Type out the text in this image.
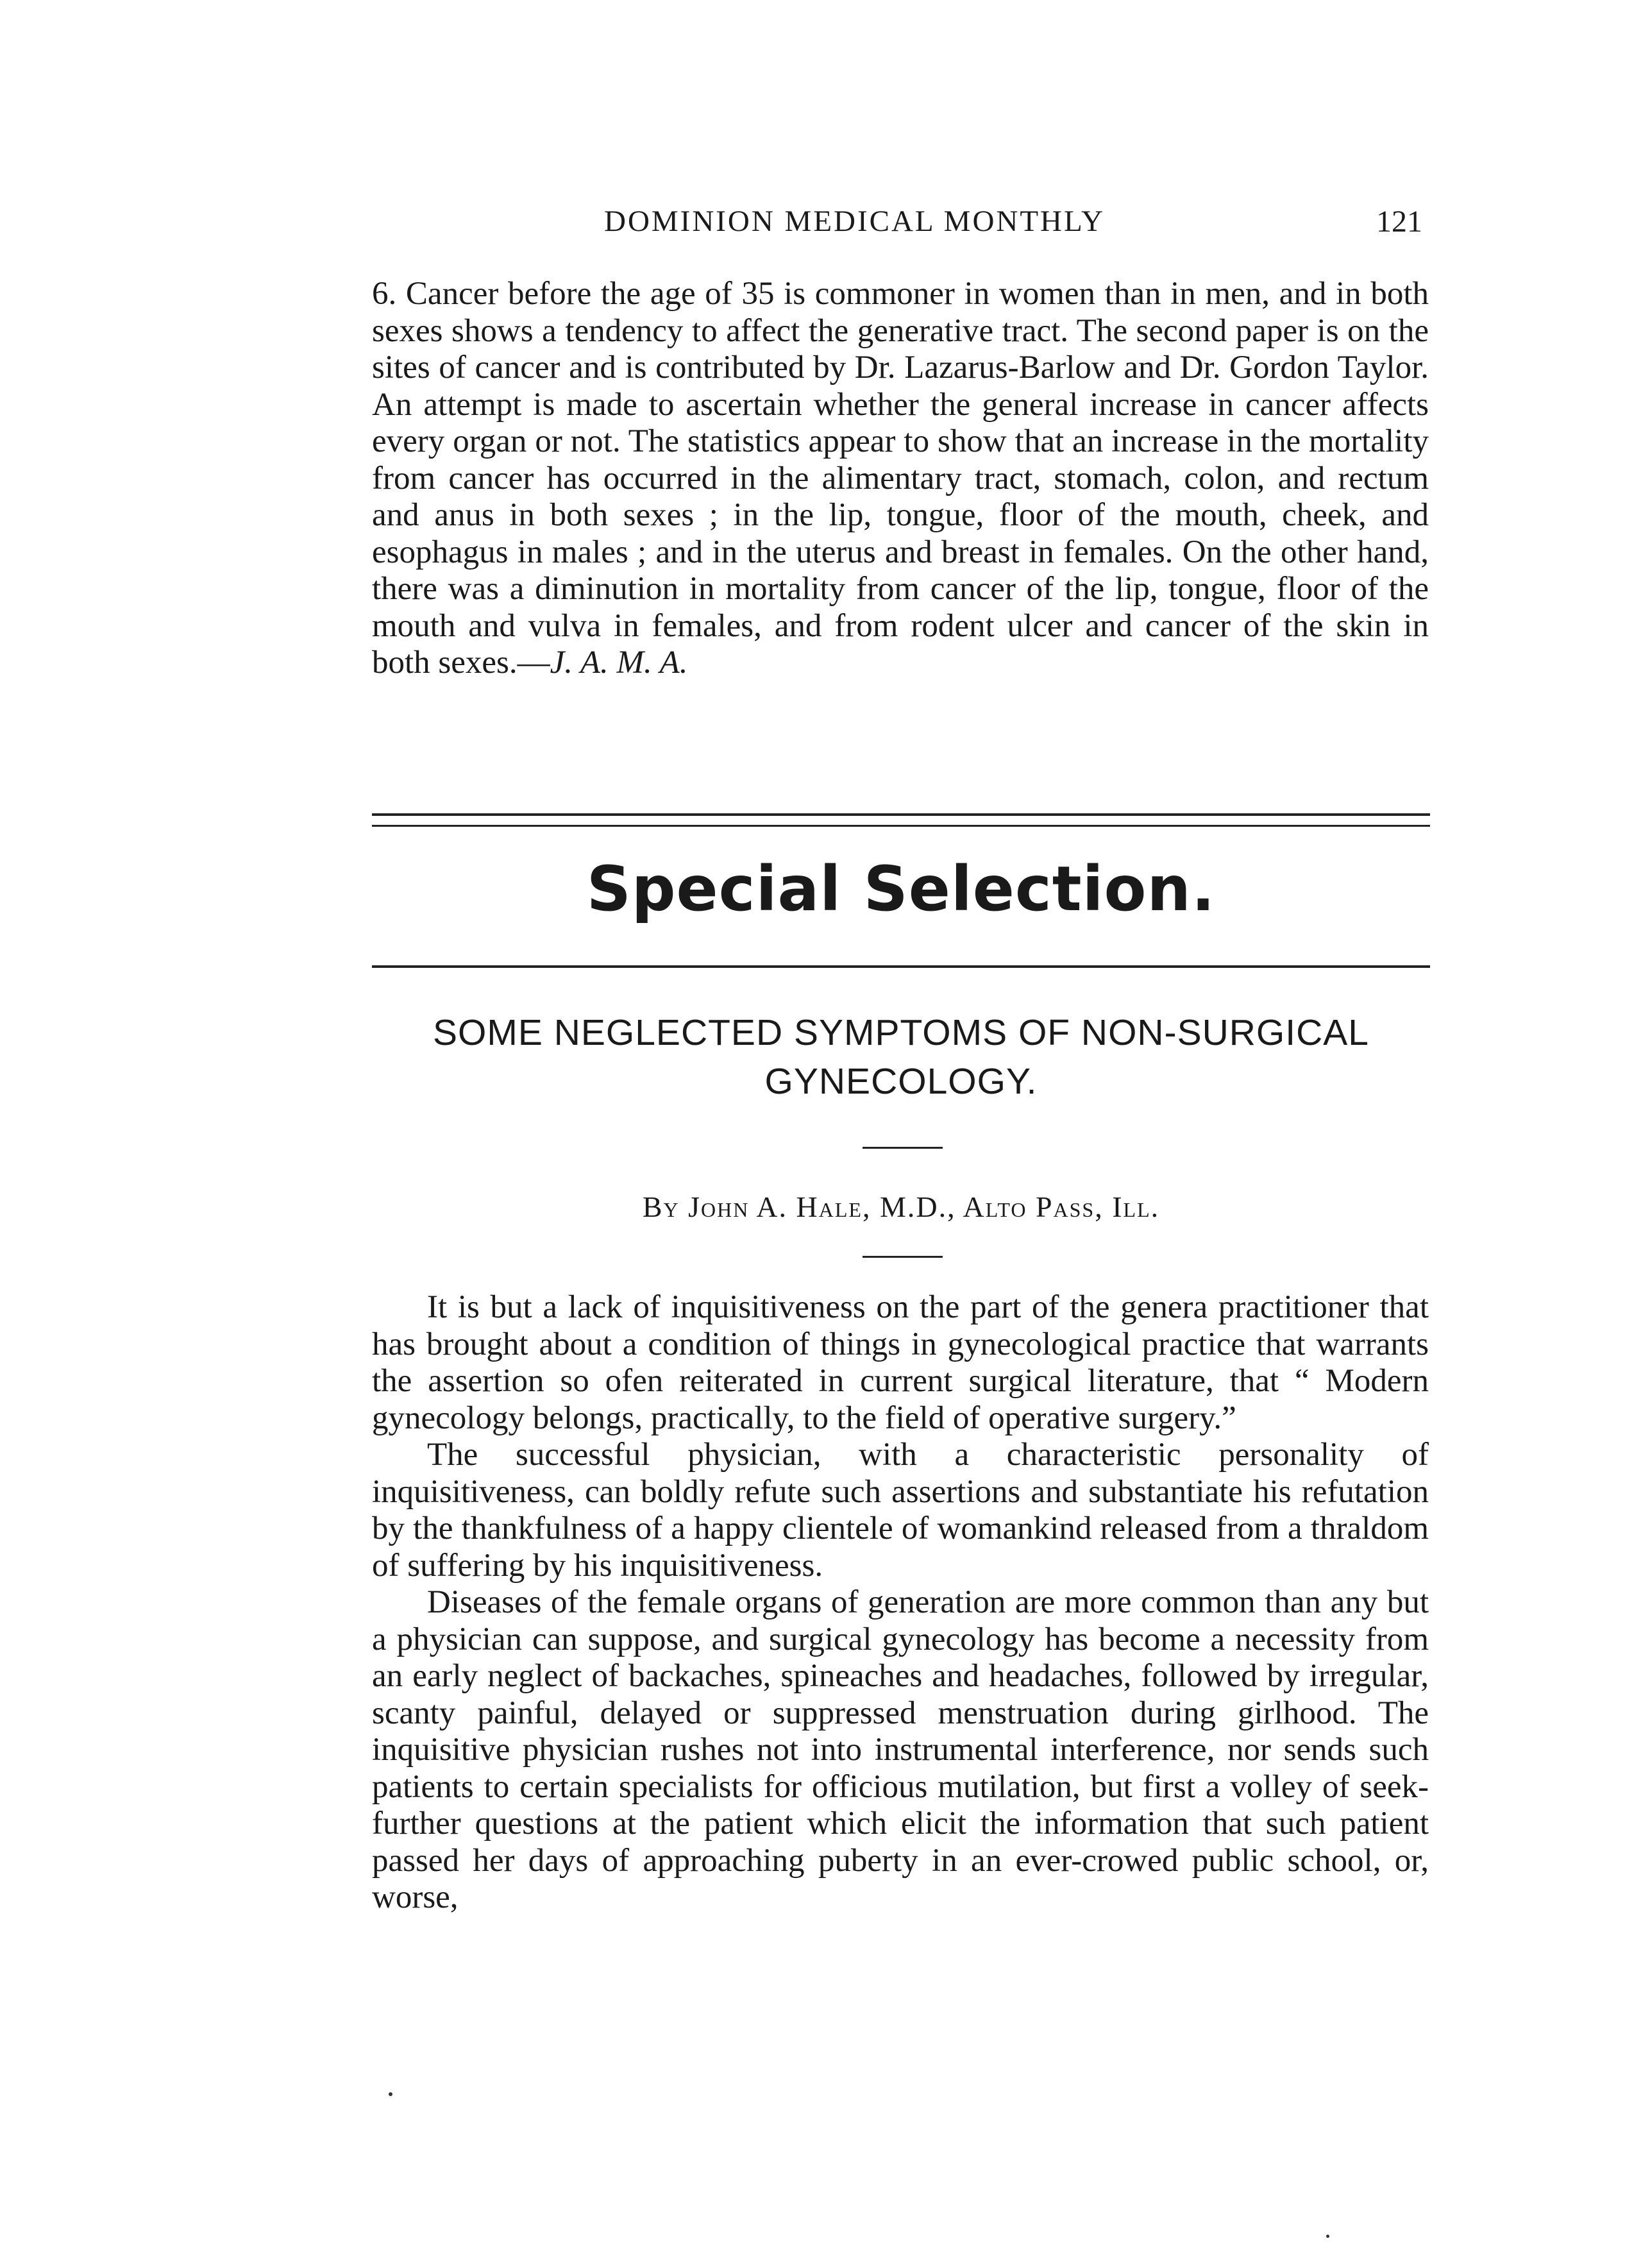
DOMINION MEDICAL MONTHLY	121

6. Cancer before the age of 35 is commoner in women than in men, and in both sexes shows a tendency to affect the generative tract. The second paper is on the sites of cancer and is contributed by Dr. Lazarus-Barlow and Dr. Gordon Taylor. An attempt is made to ascertain whether the general increase in cancer affects every organ or not. The statistics appear to show that an increase in the mortality from cancer has occurred in the alimentary tract, stomach, colon, and rectum and anus in both sexes ; in the lip, tongue, floor of the mouth, cheek, and esophagus in males ; and in the uterus and breast in females. On the other hand, there was a diminution in mortality from cancer of the lip, tongue, floor of the mouth and vulva in females, and from rodent ulcer and cancer of the skin in both sexes.—J. A. M. A.

Special Selection.
SOME NEGLECTED SYMPTOMS OF NON-SURGICAL
GYNECOLOGY.
By John A. Hale, M.D., Alto Pass, Ill.

It is but a lack of inquisitiveness on the part of the genera practitioner that has brought about a condition of things in gynecological practice that warrants the assertion so ofen reiterated in current surgical literature, that “ Modern gynecology belongs, practically, to the field of operative surgery.”

The successful physician, with a characteristic personality of inquisitiveness, can boldly refute such assertions and substantiate his refutation by the thankfulness of a happy clientele of womankind released from a thraldom of suffering by his inquisitiveness.

Diseases of the female organs of generation are more common than any but a physician can suppose, and surgical gynecology has become a necessity from an early neglect of backaches, spineaches and headaches, followed by irregular, scanty painful, delayed or suppressed menstruation during girlhood. The inquisitive physician rushes not into instrumental interference, nor sends such patients to certain specialists for officious mutilation, but first a volley of seek-further questions at the patient which elicit the information that such patient passed her days of approaching puberty in an ever-crowed public school, or, worse,
